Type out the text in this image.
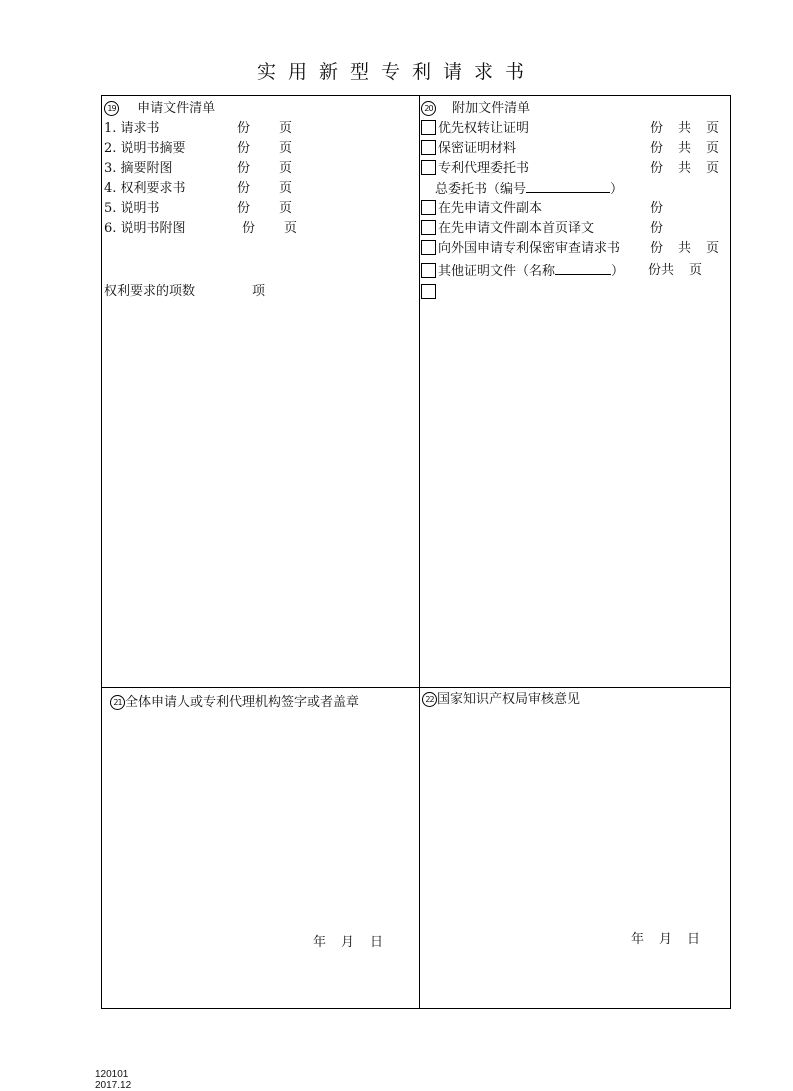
实用新型专利请求书
19 申请文件清单
1. 请求书	份 页
2. 说明书摘要	份 页
3. 摘要附图	份 页
4. 权利要求书	份 页
5. 说明书	份 页
6. 说明书附图	份 页
权利要求的项数	项
20 附加文件清单
优先权转让证明	份 共 页
保密证明材料	份 共 页
专利代理委托书	份 共 页
总委托书（编号	）
在先申请文件副本	份
在先申请文件副本首页译文	份
向外国申请专利保密审查请求书 份 共 页
其他证明文件（名称	） 份共 页
21 全体申请人或专利代理机构签字或者盖章
年 月 日
22 国家知识产权局审核意见
年 月 日
120101
2017.12
